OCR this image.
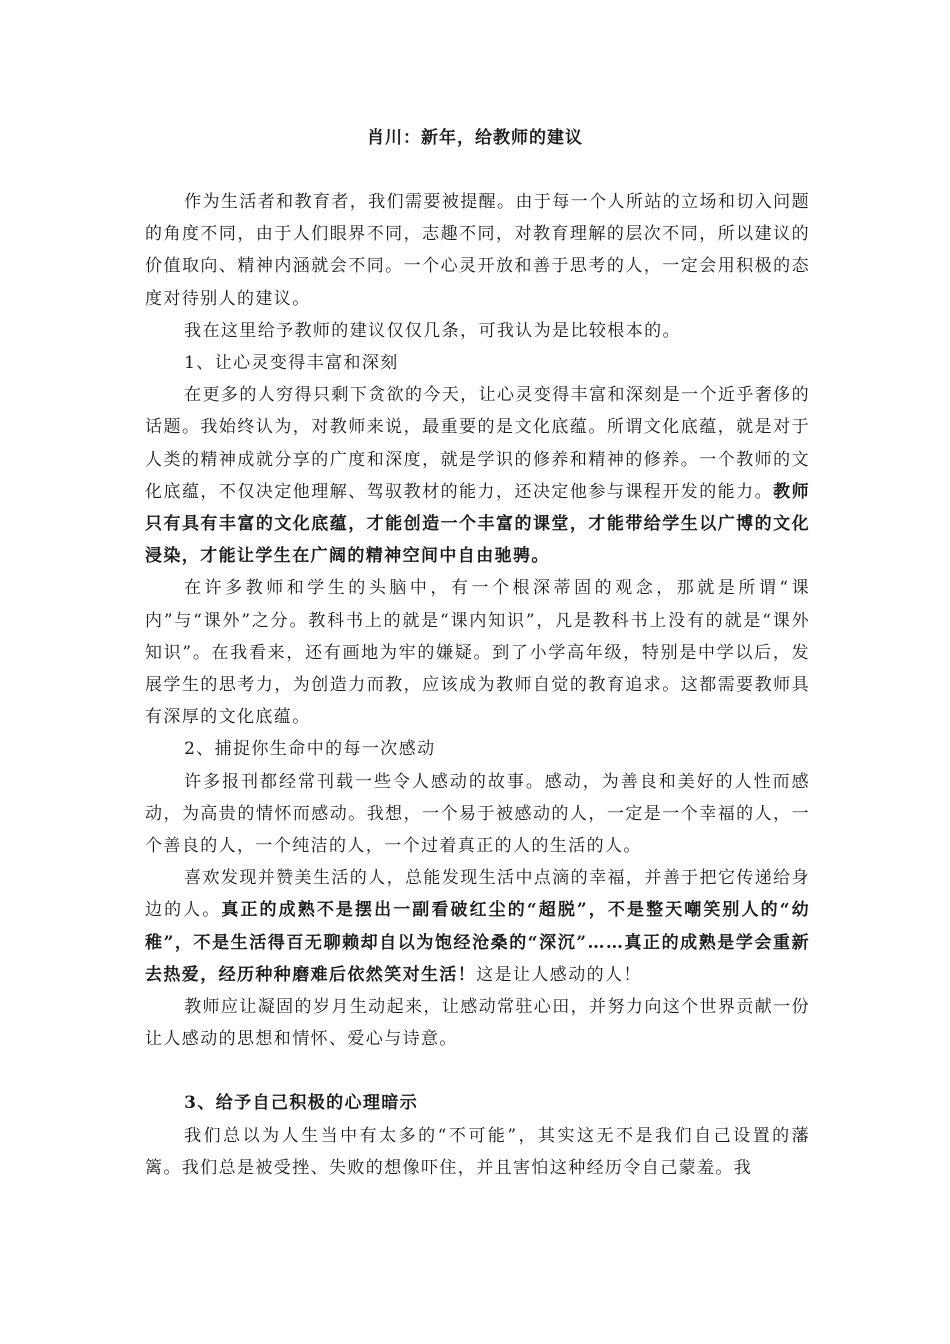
肖川：新年，给教师的建议

作为生活者和教育者，我们需要被提醒。由于每一个人所站的立场和切入问题的角度不同，由于人们眼界不同，志趣不同，对教育理解的层次不同，所以建议的价值取向、精神内涵就会不同。一个心灵开放和善于思考的人，一定会用积极的态度对待别人的建议。

我在这里给予教师的建议仅仅几条，可我认为是比较根本的。

1、让心灵变得丰富和深刻

在更多的人穷得只剩下贪欲的今天，让心灵变得丰富和深刻是一个近乎奢侈的话题。我始终认为，对教师来说，最重要的是文化底蕴。所谓文化底蕴，就是对于人类的精神成就分享的广度和深度，就是学识的修养和精神的修养。一个教师的文化底蕴，不仅决定他理解、驾驭教材的能力，还决定他参与课程开发的能力。教师只有具有丰富的文化底蕴，才能创造一个丰富的课堂，才能带给学生以广博的文化浸染，才能让学生在广阔的精神空间中自由驰骋。

在许多教师和学生的头脑中，有一个根深蒂固的观念，那就是所谓“课内”与“课外”之分。教科书上的就是“课内知识”，凡是教科书上没有的就是“课外知识”。在我看来，还有画地为牢的嫌疑。到了小学高年级，特别是中学以后，发展学生的思考力，为创造力而教，应该成为教师自觉的教育追求。这都需要教师具有深厚的文化底蕴。

2、捕捉你生命中的每一次感动

许多报刊都经常刊载一些令人感动的故事。感动，为善良和美好的人性而感动，为高贵的情怀而感动。我想，一个易于被感动的人，一定是一个幸福的人，一个善良的人，一个纯洁的人，一个过着真正的人的生活的人。

喜欢发现并赞美生活的人，总能发现生活中点滴的幸福，并善于把它传递给身边的人。真正的成熟不是摆出一副看破红尘的“超脱”，不是整天嘲笑别人的“幼稚”，不是生活得百无聊赖却自以为饱经沧桑的“深沉”……真正的成熟是学会重新去热爱，经历种种磨难后依然笑对生活！这是让人感动的人！

教师应让凝固的岁月生动起来，让感动常驻心田，并努力向这个世界贡献一份让人感动的思想和情怀、爱心与诗意。

3、给予自己积极的心理暗示

我们总以为人生当中有太多的“不可能”，其实这无不是我们自己设置的藩篱。我们总是被受挫、失败的想像吓住，并且害怕这种经历令自己蒙羞。我
